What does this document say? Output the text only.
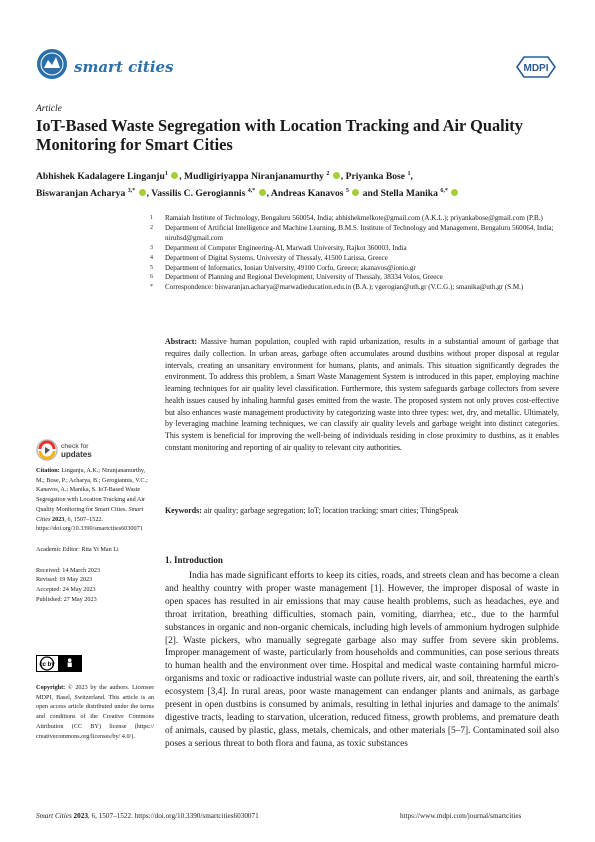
smart cities	MDPI
Article
IoT-Based Waste Segregation with Location Tracking and Air Quality Monitoring for Smart Cities
Abhishek Kadalagere Linganju$^1$ , Mudligiriyappa Niranjanamurthy $^2$ , Priyanka Bose $^1$,
Biswaranjan Acharya $^{3,*}$ , Vassilis C. Gerogiannis $^{4,*}$ , Andreas Kanavos $^5$  and Stella Manika $^{6,*}$
1	Ramaiah Institute of Technology, Bengaluru 560054, India; abhishekmelkote@gmail.com (A.K.L.); priyankabose@gmail.com (P.B.)
2	Department of Artificial Intelligence and Machine Learning, B.M.S. Institute of Technology and Management, Bengaluru 560064, India; niruhsd@gmail.com
3	Department of Computer Engineering-AI, Marwadi University, Rajkot 360003, India
4	Department of Digital Systems, University of Thessaly, 41500 Larissa, Greece
5	Department of Informatics, Ionian University, 49100 Corfu, Greece; akanavos@ionio.gr
6	Department of Planning and Regional Development, University of Thessaly, 38334 Volos, Greece
*	Correspondence: biswaranjan.acharya@marwadieducation.edu.in (B.A.); vgerogian@uth.gr (V.C.G.); smanika@uth.gr (S.M.)
Abstract: Massive human population, coupled with rapid urbanization, results in a substantial amount of garbage that requires daily collection. In urban areas, garbage often accumulates around dustbins without proper disposal at regular intervals, creating an unsanitary environment for humans, plants, and animals. This situation significantly degrades the environment. To address this problem, a Smart Waste Management System is introduced in this paper, employing machine learning techniques for air quality level classification. Furthermore, this system safeguards garbage collectors from severe health issues caused by inhaling harmful gases emitted from the waste. The proposed system not only proves cost-effective but also enhances waste management productivity by categorizing waste into three types: wet, dry, and metallic. Ultimately, by leveraging machine learning techniques, we can classify air quality levels and garbage weight into distinct categories. This system is beneficial for improving the well-being of individuals residing in close proximity to dustbins, as it enables constant monitoring and reporting of air quality to relevant city authorities.
Keywords: air quality; garbage segregation; IoT; location tracking; smart cities; ThingSpeak
check for
updates
Citation: Linganju, A.K.; Niranjanamurthy, M.; Bose, P.; Acharya, B.; Gerogiannis, V.C.; Kanavos, A.; Manika, S. IoT-Based Waste Segregation with Location Tracking and Air Quality Monitoring for Smart Cities. Smart Cities 2023, 6, 1507–1522. https://doi.org/10.3390/smartcities6030071
Academic Editor: Rita Yi Man Li
Received: 14 March 2023
Revised: 19 May 2023
Accepted: 24 May 2023
Published: 27 May 2023
cc by
Copyright: © 2023 by the authors. Licensee MDPI, Basel, Switzerland. This article is an open access article distributed under the terms and conditions of the Creative Commons Attribution (CC BY) license (https:// creativecommons.org/licenses/by/ 4.0/).
1. Introduction
India has made significant efforts to keep its cities, roads, and streets clean and has become a clean and healthy country with proper waste management [1]. However, the improper disposal of waste in open spaces has resulted in air emissions that may cause health problems, such as headaches, eye and throat irritation, breathing difficulties, stomach pain, vomiting, diarrhea, etc., due to the harmful substances in organic and non-organic chemicals, including high levels of ammonium hydrogen sulphide [2]. Waste pickers, who manually segregate garbage also may suffer from severe skin problems. Improper management of waste, particularly from households and communities, can pose serious threats to human health and the environment over time. Hospital and medical waste containing harmful micro-organisms and toxic or radioactive industrial waste can pollute rivers, air, and soil, threatening the earth's ecosystem [3,4]. In rural areas, poor waste management can endanger plants and animals, as garbage present in open dustbins is consumed by animals, resulting in lethal injuries and damage to the animals' digestive tracts, leading to starvation, ulceration, reduced fitness, growth problems, and premature death of animals, caused by plastic, glass, metals, chemicals, and other materials [5–7]. Contaminated soil also poses a serious threat to both flora and fauna, as toxic substances
Smart Cities 2023, 6, 1507–1522. https://doi.org/10.3390/smartcities6030071	https://www.mdpi.com/journal/smartcities
